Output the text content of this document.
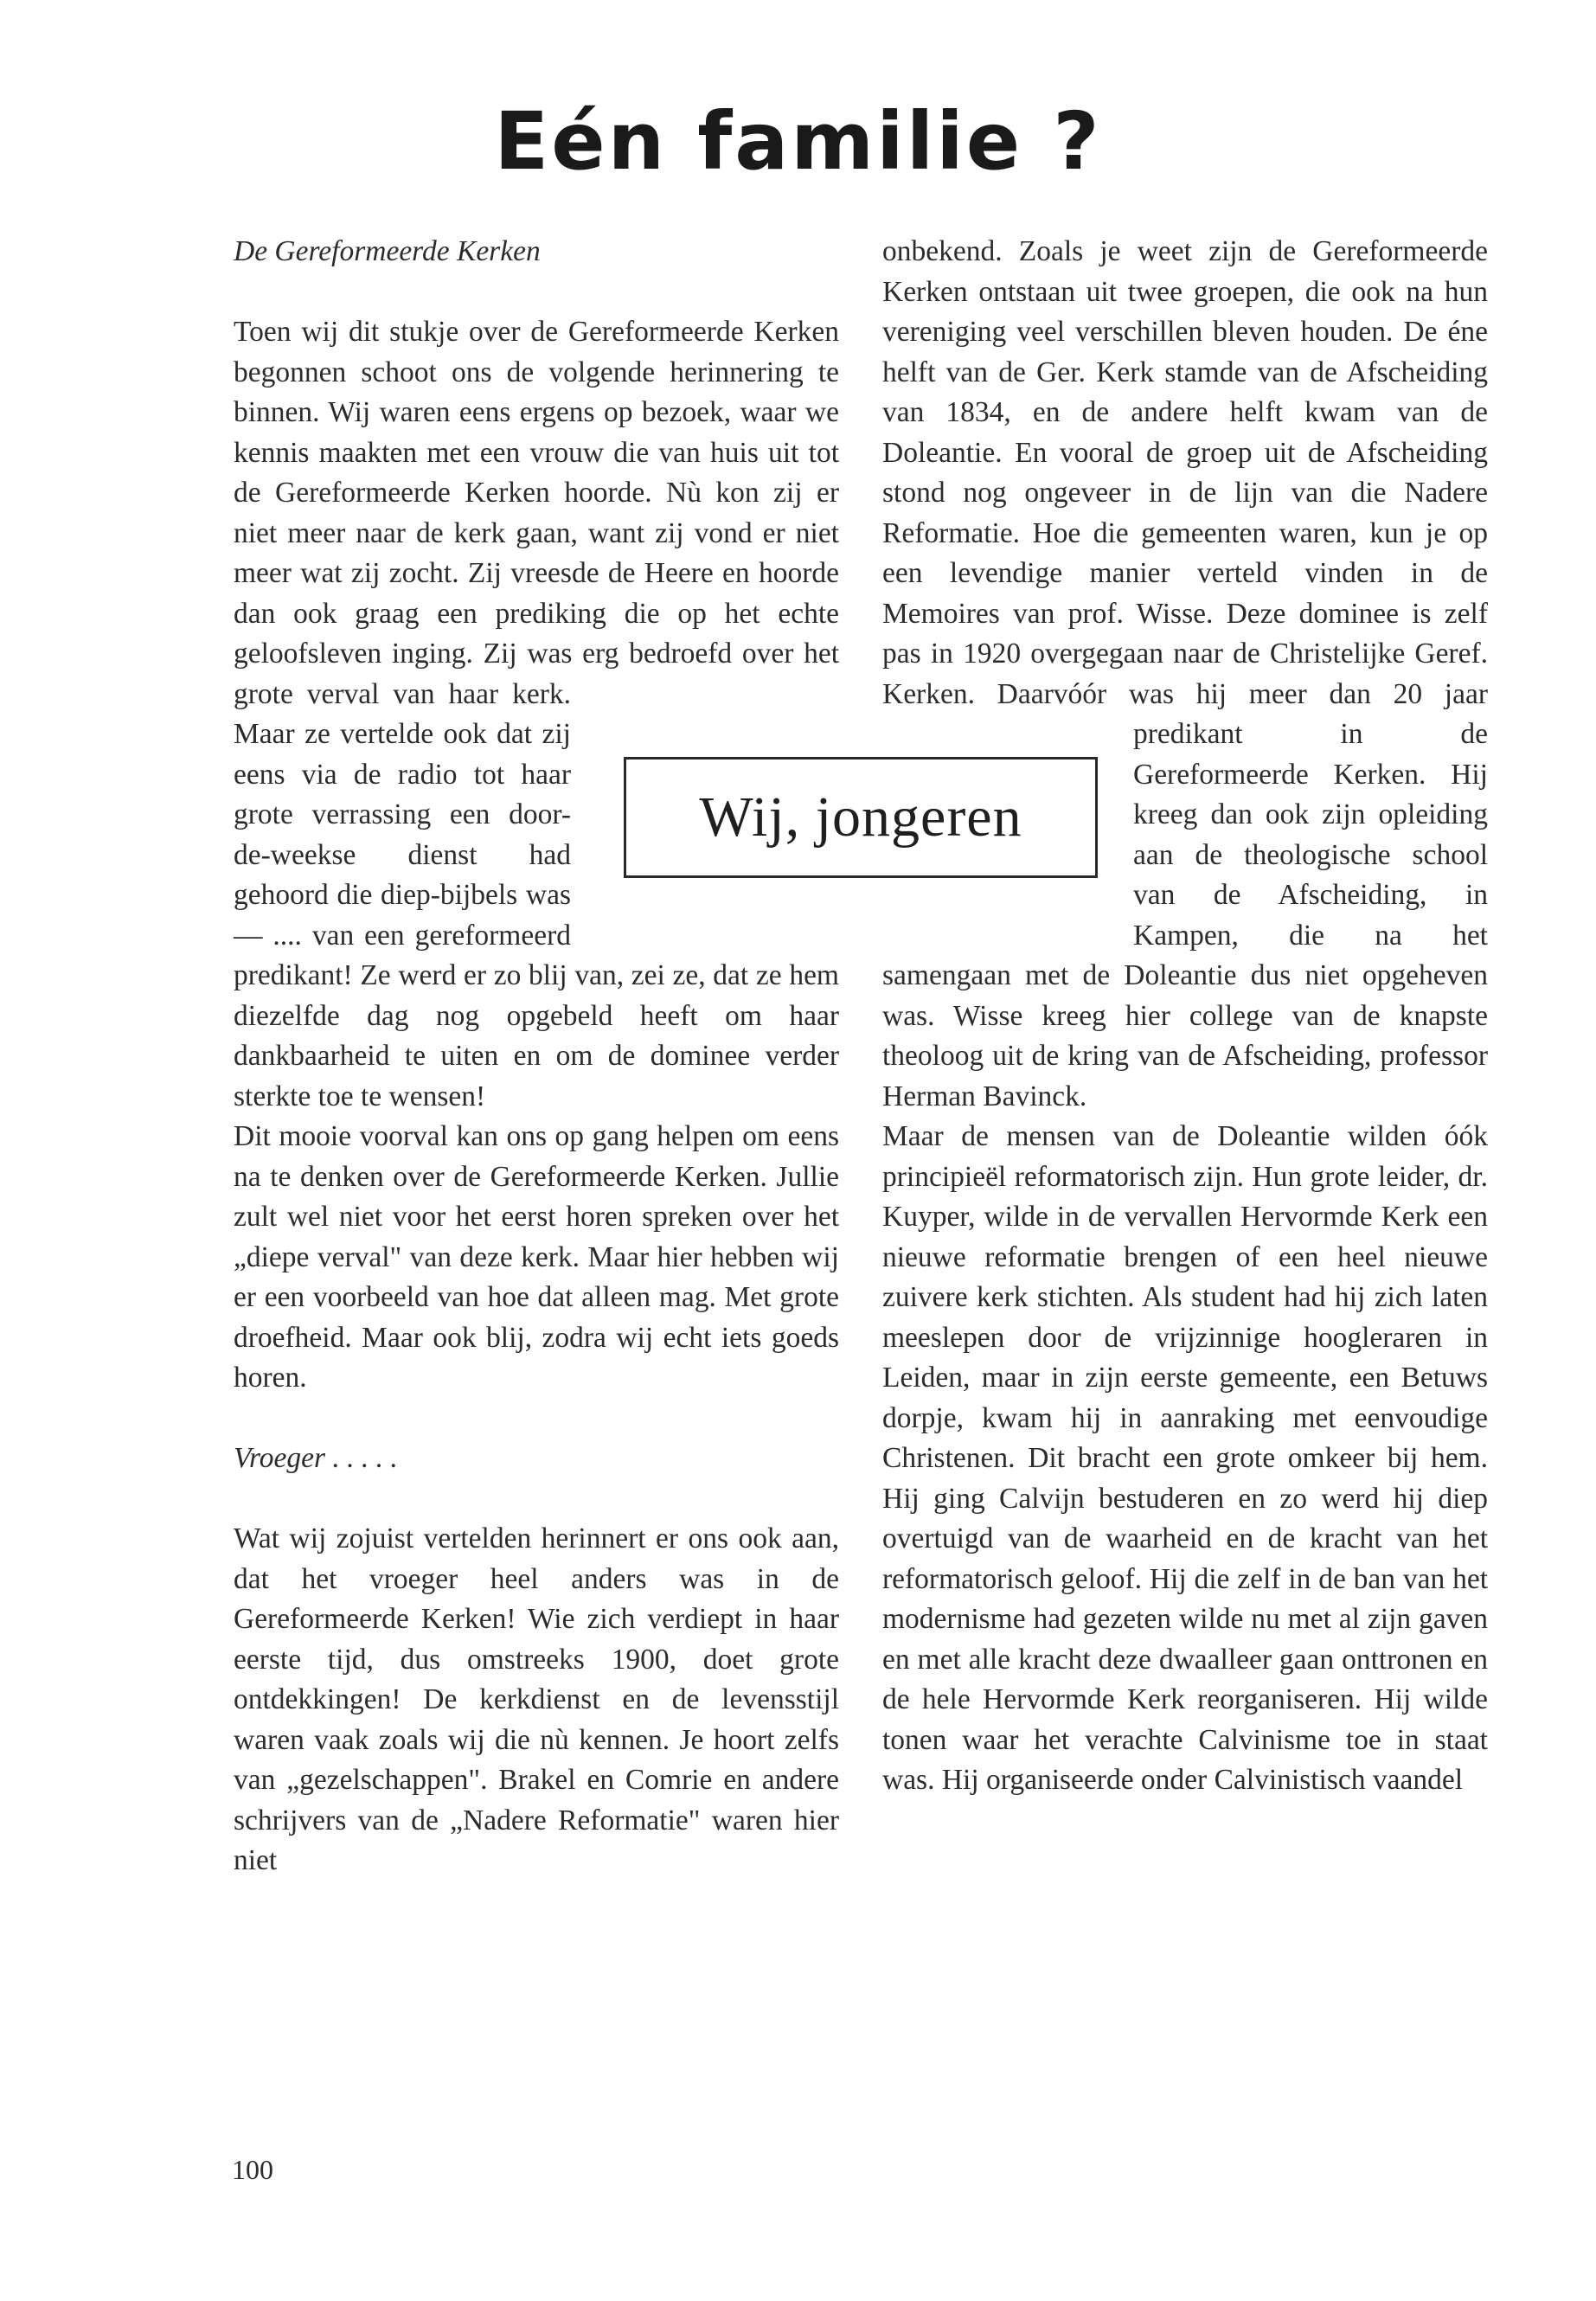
Eén familie ?

De Gereformeerde Kerken

Toen wij dit stukje over de Gereformeerde Kerken begonnen schoot ons de volgende herinnering te binnen. Wij waren eens ergens op bezoek, waar we kennis maakten met een vrouw die van huis uit tot de Gereformeerde Kerken hoorde. Nù kon zij er niet meer naar de kerk gaan, want zij vond er niet meer wat zij zocht. Zij vreesde de Heere en hoorde dan ook graag een prediking die op het echte geloofsleven inging. Zij was erg bedroefd over het grote verval van haar kerk. Maar ze vertelde ook dat zij eens via de radio tot haar grote verrassing een door-de-weekse dienst had gehoord die diep-bijbels was — .... van een gereformeerd predikant! Ze werd er zo blij van, zei ze, dat ze hem diezelfde dag nog opgebeld heeft om haar dankbaarheid te uiten en om de dominee verder sterkte toe te wensen!

Dit mooie voorval kan ons op gang helpen om eens na te denken over de Gereformeerde Kerken. Jullie zult wel niet voor het eerst horen spreken over het „diepe verval" van deze kerk. Maar hier hebben wij er een voorbeeld van hoe dat alleen mag. Met grote droefheid. Maar ook blij, zodra wij echt iets goeds horen.

Vroeger . . . . .

Wat wij zojuist vertelden herinnert er ons ook aan, dat het vroeger heel anders was in de Gereformeerde Kerken! Wie zich verdiept in haar eerste tijd, dus omstreeks 1900, doet grote ontdekkingen! De kerkdienst en de levensstijl waren vaak zoals wij die nù kennen. Je hoort zelfs van „gezelschappen". Brakel en Comrie en andere schrijvers van de „Nadere Reformatie" waren hier niet

onbekend. Zoals je weet zijn de Gereformeerde Kerken ontstaan uit twee groepen, die ook na hun vereniging veel verschillen bleven houden. De éne helft van de Ger. Kerk stamde van de Afscheiding van 1834, en de andere helft kwam van de Doleantie. En vooral de groep uit de Afscheiding stond nog ongeveer in de lijn van die Nadere Reformatie. Hoe die gemeenten waren, kun je op een levendige manier verteld vinden in de Memoires van prof. Wisse. Deze dominee is zelf pas in 1920 overgegaan naar de Christelijke Geref. Kerken. Daarvóór was hij meer dan 20 jaar predikant in de Gereformeerde Kerken. Hij kreeg dan ook zijn opleiding aan de theologische school van de Afscheiding, in Kampen, die na het samengaan met de Doleantie dus niet opgeheven was. Wisse kreeg hier college van de knapste theoloog uit de kring van de Afscheiding, professor Herman Bavinck.

Maar de mensen van de Doleantie wilden óók principieël reformatorisch zijn. Hun grote leider, dr. Kuyper, wilde in de vervallen Hervormde Kerk een nieuwe reformatie brengen of een heel nieuwe zuivere kerk stichten. Als student had hij zich laten meeslepen door de vrijzinnige hoogleraren in Leiden, maar in zijn eerste gemeente, een Betuws dorpje, kwam hij in aanraking met eenvoudige Christenen. Dit bracht een grote omkeer bij hem. Hij ging Calvijn bestuderen en zo werd hij diep overtuigd van de waarheid en de kracht van het reformatorisch geloof. Hij die zelf in de ban van het modernisme had gezeten wilde nu met al zijn gaven en met alle kracht deze dwaalleer gaan onttronen en de hele Hervormde Kerk reorganiseren. Hij wilde tonen waar het verachte Calvinisme toe in staat was. Hij organiseerde onder Calvinistisch vaandel

Wij, jongeren
100
